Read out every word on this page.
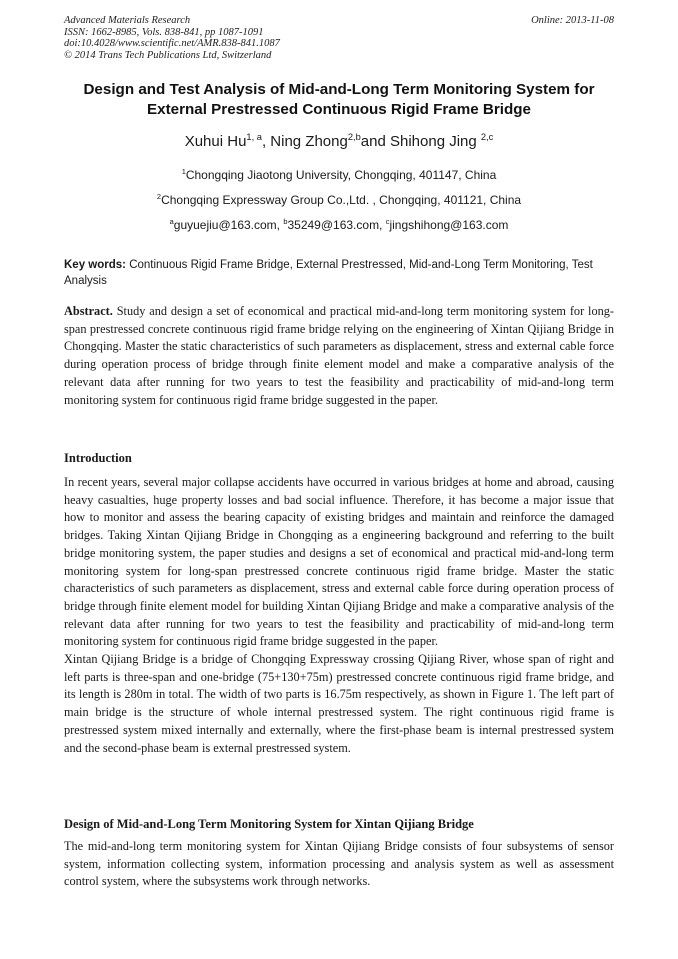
Advanced Materials Research
ISSN: 1662-8985, Vols. 838-841, pp 1087-1091
doi:10.4028/www.scientific.net/AMR.838-841.1087
© 2014 Trans Tech Publications Ltd, Switzerland
Online: 2013-11-08
Design and Test Analysis of Mid-and-Long Term Monitoring System for
External Prestressed Continuous Rigid Frame Bridge
Xuhui Hu$^{1, a}$, Ning Zhong$^{2,b}$and Shihong Jing $^{2,c}$
$^1$Chongqing Jiaotong University, Chongqing, 401147, China
$^2$Chongqing Expressway Group Co.,Ltd. , Chongqing, 401121, China
$^a$guyuejiu@163.com, $^b$35249@163.com, $^c$jingshihong@163.com
Key words: Continuous Rigid Frame Bridge, External Prestressed, Mid-and-Long Term Monitoring, Test Analysis

Abstract. Study and design a set of economical and practical mid-and-long term monitoring system for long-span prestressed concrete continuous rigid frame bridge relying on the engineering of Xintan Qijiang Bridge in Chongqing. Master the static characteristics of such parameters as displacement, stress and external cable force during operation process of bridge through finite element model and make a comparative analysis of the relevant data after running for two years to test the feasibility and practicability of mid-and-long term monitoring system for continuous rigid frame bridge suggested in the paper.

Introduction

In recent years, several major collapse accidents have occurred in various bridges at home and abroad, causing heavy casualties, huge property losses and bad social influence. Therefore, it has become a major issue that how to monitor and assess the bearing capacity of existing bridges and maintain and reinforce the damaged bridges. Taking Xintan Qijiang Bridge in Chongqing as a engineering background and referring to the built bridge monitoring system, the paper studies and designs a set of economical and practical mid-and-long term monitoring system for long-span prestressed concrete continuous rigid frame bridge. Master the static characteristics of such parameters as displacement, stress and external cable force during operation process of bridge through finite element model for building Xintan Qijiang Bridge and make a comparative analysis of the relevant data after running for two years to test the feasibility and practicability of mid-and-long term monitoring system for continuous rigid frame bridge suggested in the paper.

Xintan Qijiang Bridge is a bridge of Chongqing Expressway crossing Qijiang River, whose span of right and left parts is three-span and one-bridge (75+130+75m) prestressed concrete continuous rigid frame bridge, and its length is 280m in total. The width of two parts is 16.75m respectively, as shown in Figure 1. The left part of main bridge is the structure of whole internal prestressed system. The right continuous rigid frame is prestressed system mixed internally and externally, where the first-phase beam is internal prestressed system and the second-phase beam is external prestressed system.

Design of Mid-and-Long Term Monitoring System for Xintan Qijiang Bridge

The mid-and-long term monitoring system for Xintan Qijiang Bridge consists of four subsystems of sensor system, information collecting system, information processing and analysis system as well as assessment control system, where the subsystems work through networks.
